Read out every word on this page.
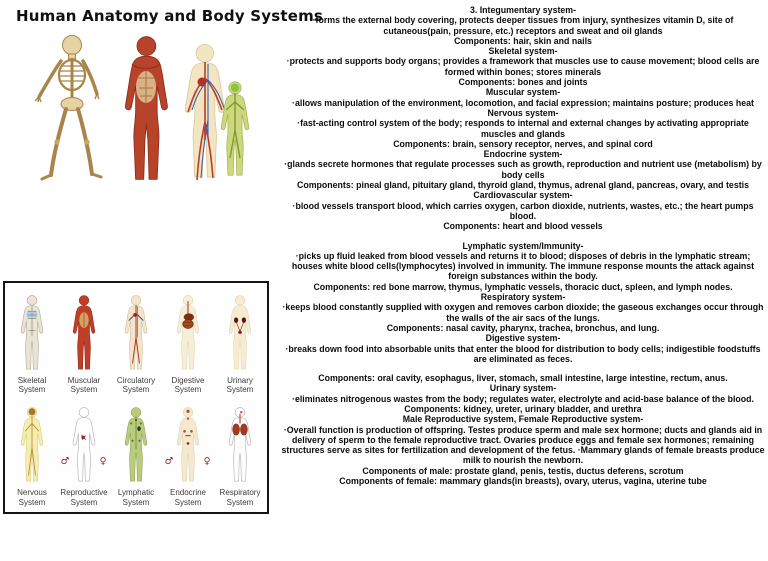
Human Anatomy and Body Systems	3. Integumentary system-

·forms the external body covering, protects deeper tissues from injury, synthesizes vitamin D, site of cutaneous(pain, pressure, etc.) receptors and sweat and oil glands

Components: hair, skin and nails

Skeletal system-

·protects and supports body organs; provides a framework that muscles use to cause movement; blood cells are formed within bones; stores minerals

Components: bones and joints

Muscular system-

·allows manipulation of the environment, locomotion, and facial expression; maintains posture; produces heat

Nervous system-

·fast-acting control system of the body; responds to internal and external changes by activating appropriate muscles and glands

Components: brain, sensory receptor, nerves, and spinal cord

Endocrine system-

·glands secrete hormones that regulate processes such as growth, reproduction and nutrient use (metabolism) by body cells

Components: pineal gland, pituitary gland, thyroid gland, thymus, adrenal gland, pancreas, ovary, and testis

Cardiovascular system-

·blood vessels transport blood, which carries oxygen, carbon dioxide, nutrients, wastes, etc.; the heart pumps blood.

Components: heart and blood vessels

Lymphatic system/Immunity-

·picks up fluid leaked from blood vessels and returns it to blood; disposes of debris in the lymphatic stream; houses white blood cells(lymphocytes) involved in immunity. The immune response mounts the attack against foreign substances within the body.

Components: red bone marrow, thymus, lymphatic vessels, thoracic duct, spleen, and lymph nodes.

Respiratory system-

·keeps blood constantly supplied with oxygen and removes carbon dioxide; the gaseous exchanges occur through the walls of the air sacs of the lungs.

Components: nasal cavity, pharynx, trachea, bronchus, and lung.

Digestive system-

·breaks down food into absorbable units that enter the blood for distribution to body cells; indigestible foodstuffs are eliminated as feces.

Components: oral cavity, esophagus, liver, stomach, small intestine, large intestine, rectum, anus.

Urinary system-

·eliminates nitrogenous wastes from the body; regulates water, electrolyte and acid-base balance of the blood.

Components: kidney, ureter, urinary bladder, and urethra

Male Reproductive system, Female Reproductive system-

·Overall function is production of offspring. Testes produce sperm and male sex hormone; ducts and glands aid in delivery of sperm to the female reproductive tract. Ovaries produce eggs and female sex hormones; remaining structures serve as sites for fertilization and development of the fetus. ·Mammary glands of female breasts produce milk to nourish the newborn.

Components of male: prostate gland, penis, testis, ductus deferens, scrotum

Components of female: mammary glands(in breasts), ovary, uterus, vagina, uterine tube

Skeletal System
Muscular System
Circulatory System
Digestive System
Urinary System
Nervous System
♂	♀
Reproductive System
Lymphatic System
♂	♀
Endocrine System
Respiratory System
